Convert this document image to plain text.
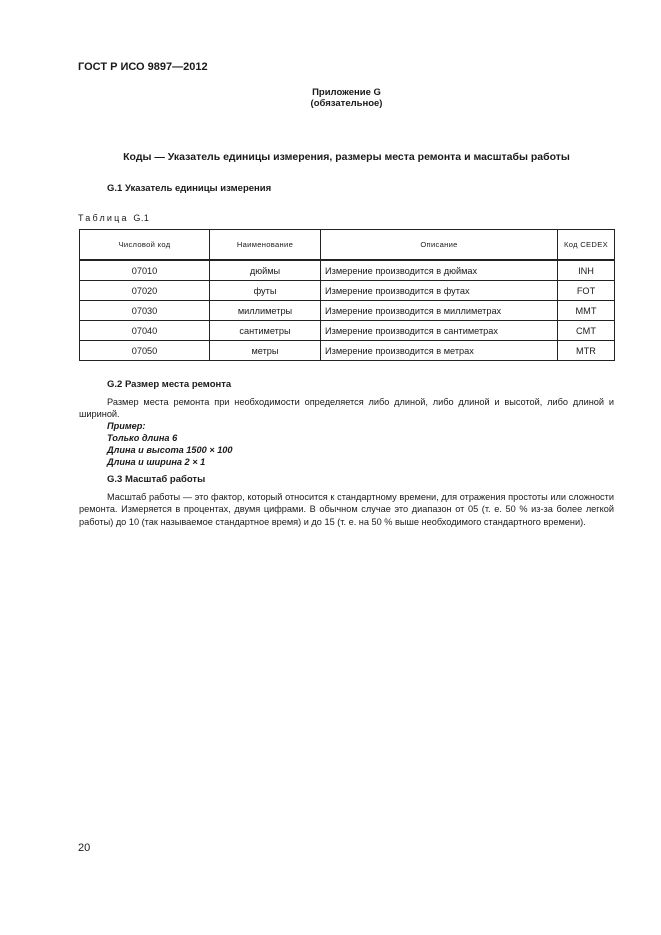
ГОСТ Р ИСО 9897—2012
Приложение G
(обязательное)
Коды — Указатель единицы измерения, размеры места ремонта и масштабы работы
G.1 Указатель единицы измерения
Таблица G.1
Числовой код	Наименование	Описание	Код CEDEX
07010	дюймы	Измерение производится в дюймах	INH
07020	футы	Измерение производится в футах	FOT
07030	миллиметры	Измерение производится в миллиметрах	MMT
07040	сантиметры	Измерение производится в сантиметрах	CMT
07050	метры	Измерение производится в метрах	MTR
G.2 Размер места ремонта
Размер места ремонта при необходимости определяется либо длиной, либо длиной и высотой, либо длиной и шириной.
Пример:
Только длина 6
Длина и высота 1500 × 100
Длина и ширина 2 × 1
G.3 Масштаб работы
Масштаб работы — это фактор, который относится к стандартному времени, для отражения простоты или сложности ремонта. Измеряется в процентах, двумя цифрами. В обычном случае это диапазон от 05 (т. е. 50 % из-за более легкой работы) до 10 (так называемое стандартное время) и до 15 (т. е. на 50 % выше необходимого стандартного времени).
20
